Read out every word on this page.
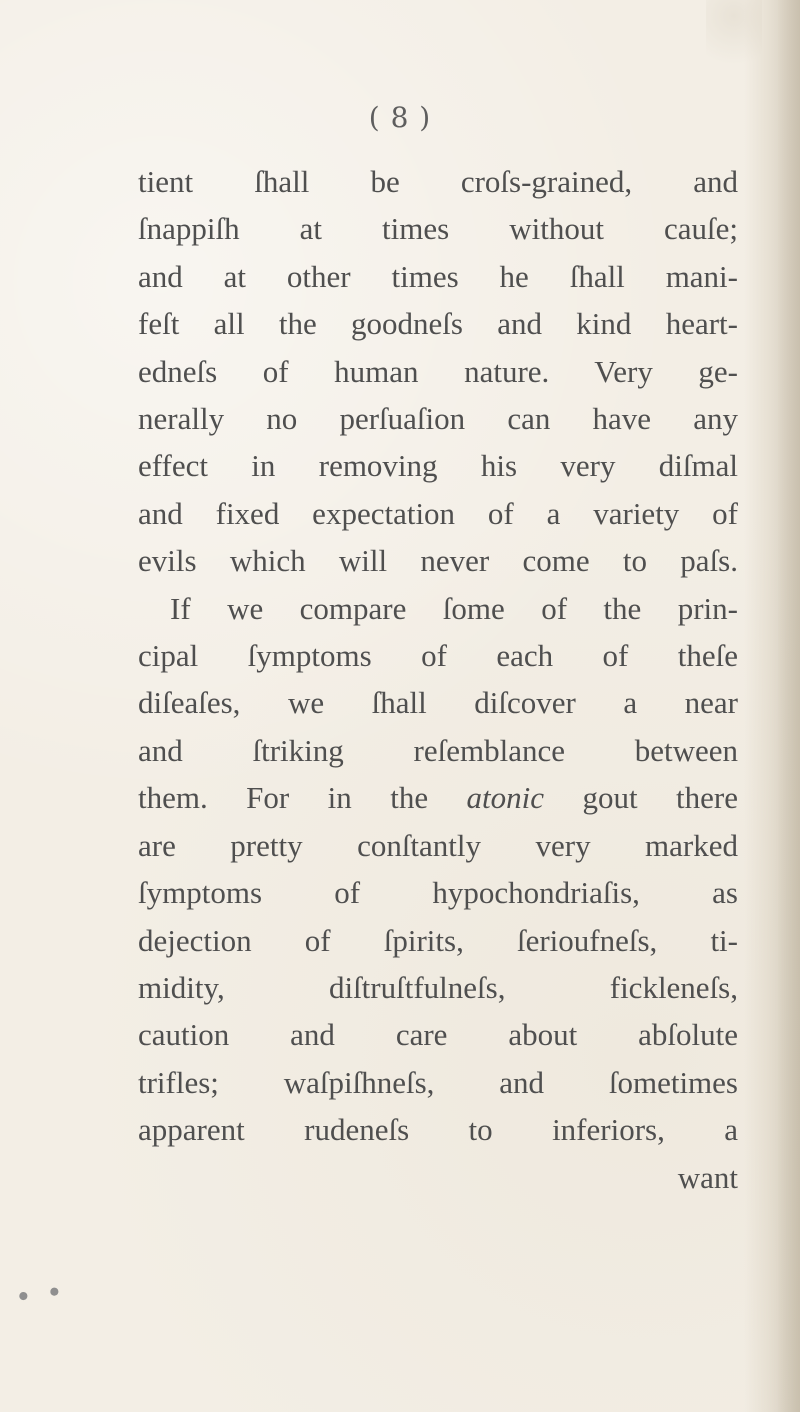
( 8 )
tient ſhall be croſs-grained, and
ſnappiſh at times without cauſe;
and at other times he ſhall mani-
feſt all the goodneſs and kind heart-
edneſs of human nature. Very ge-
nerally no perſuaſion can have any
effect in removing his very diſmal
and fixed expectation of a variety of
evils which will never come to paſs.
If we compare ſome of the prin-
cipal ſymptoms of each of theſe
diſeaſes, we ſhall diſcover a near
and ſtriking reſemblance between
them. For in the atonic gout there
are pretty conſtantly very marked
ſymptoms of hypochondriaſis, as
dejection of ſpirits, ſerioufneſs, ti-
midity, diſtruſtfulneſs, fickleneſs,
caution and care about abſolute
trifles; waſpiſhneſs, and ſometimes
apparent rudeneſs to inferiors, a
want
• •
